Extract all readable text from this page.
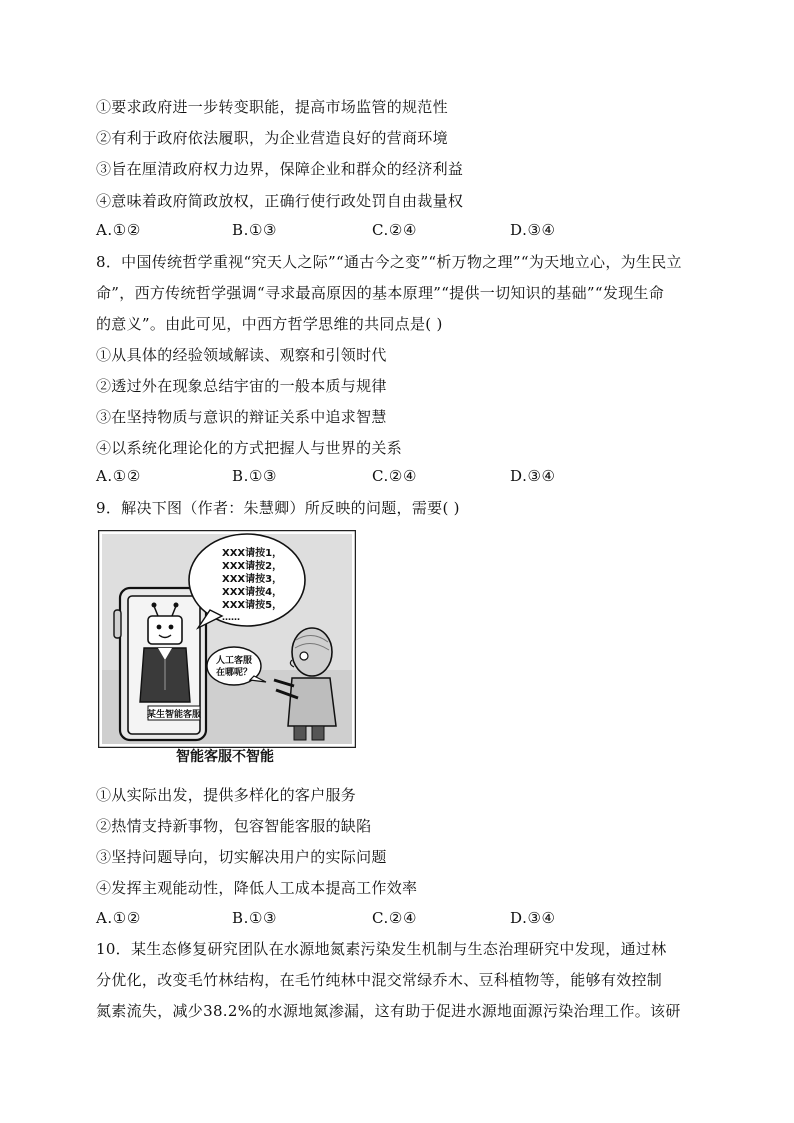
①要求政府进一步转变职能，提高市场监管的规范性
②有利于政府依法履职，为企业营造良好的营商环境
③旨在厘清政府权力边界，保障企业和群众的经济利益
④意味着政府简政放权，正确行使行政处罚自由裁量权
A.①②	B.①③	C.②④	D.③④
8．中国传统哲学重视“究天人之际”“通古今之变”“析万物之理”“为天地立心，为生民立
命”，西方传统哲学强调“寻求最高原因的基本原理”“提供一切知识的基础”“发现生命
的意义”。由此可见，中西方哲学思维的共同点是( )
①从具体的经验领域解读、观察和引领时代
②透过外在现象总结宇宙的一般本质与规律
③在坚持物质与意识的辩证关系中追求智慧
④以系统化理论化的方式把握人与世界的关系
A.①②	B.①③	C.②④	D.③④
9．解决下图（作者：朱慧卿）所反映的问题，需要( )
某生智能客服
XXX请按1，
XXX请按2，
XXX请按3，
XXX请按4，
XXX请按5，
……
人工客服
在哪呢？
智能客服不智能
①从实际出发，提供多样化的客户服务
②热情支持新事物，包容智能客服的缺陷
③坚持问题导向，切实解决用户的实际问题
④发挥主观能动性，降低人工成本提高工作效率
A.①②	B.①③	C.②④	D.③④
10．某生态修复研究团队在水源地氮素污染发生机制与生态治理研究中发现，通过林
分优化，改变毛竹林结构，在毛竹纯林中混交常绿乔木、豆科植物等，能够有效控制
氮素流失，减少38.2%的水源地氮渗漏，这有助于促进水源地面源污染治理工作。该研
